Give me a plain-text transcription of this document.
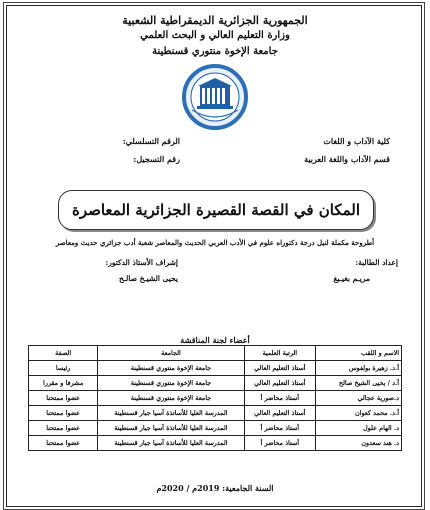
الجمهورية الجزائرية الديمقراطية الشعبية
وزارة التعليم العالي و البحث العلمي
جامعة الإخوة منتوري قسنطينة
كلية الآداب و اللغات
قسم الآداب واللغة العربية
الرقم التسلسلي:
رقم التسجيل:
المكان في القصة القصيرة الجزائرية المعاصرة
أطروحة مكملة لنيل درجة دكتوراه علوم في الأدب العربي الحديث والمعاصر شعبة أدب جزائري حديث ومعاصر
إعداد الطالبة:
إشراف الأستاذ الدكتور:
مريـم بغيـبغ
يحيى الشيـخ صالـح
أعضاء لجنة المناقشة
الاسم و اللقب	الرتبة العلمية	الجامعة	الصفة
أ.د. زهيرة بولفوس	أستاذ التعليم العالي	جامعة الإخوة منتوري قسنطينة	رئيسا
أ.د / يحيى الشيخ صالح	أستاذ التعليم العالي	جامعة الإخوة منتوري قسنطينة	مشرفا و مقررا
د.صورية عجالي	أستاذ محاضر أ	جامعة الإخوة منتوري قسنطينة	عضوا ممتحنا
أ.د. محمد كعوان	أستاذ التعليم العالي	المدرسة العليا للأساتذة آسيا جبار قسنطينة	عضوا ممتحنا
د. الهام علول	أستاذ محاضر أ	المدرسة العليا للأساتذة آسيا جبار قسنطينة	عضوا ممتحنا
د. هند سعدون	أستاذ محاضر أ	المدرسة العليا للأساتذة آسيا جبار قسنطينة	عضوا ممتحنا
السنة الجامعية: 2019م / 2020م
